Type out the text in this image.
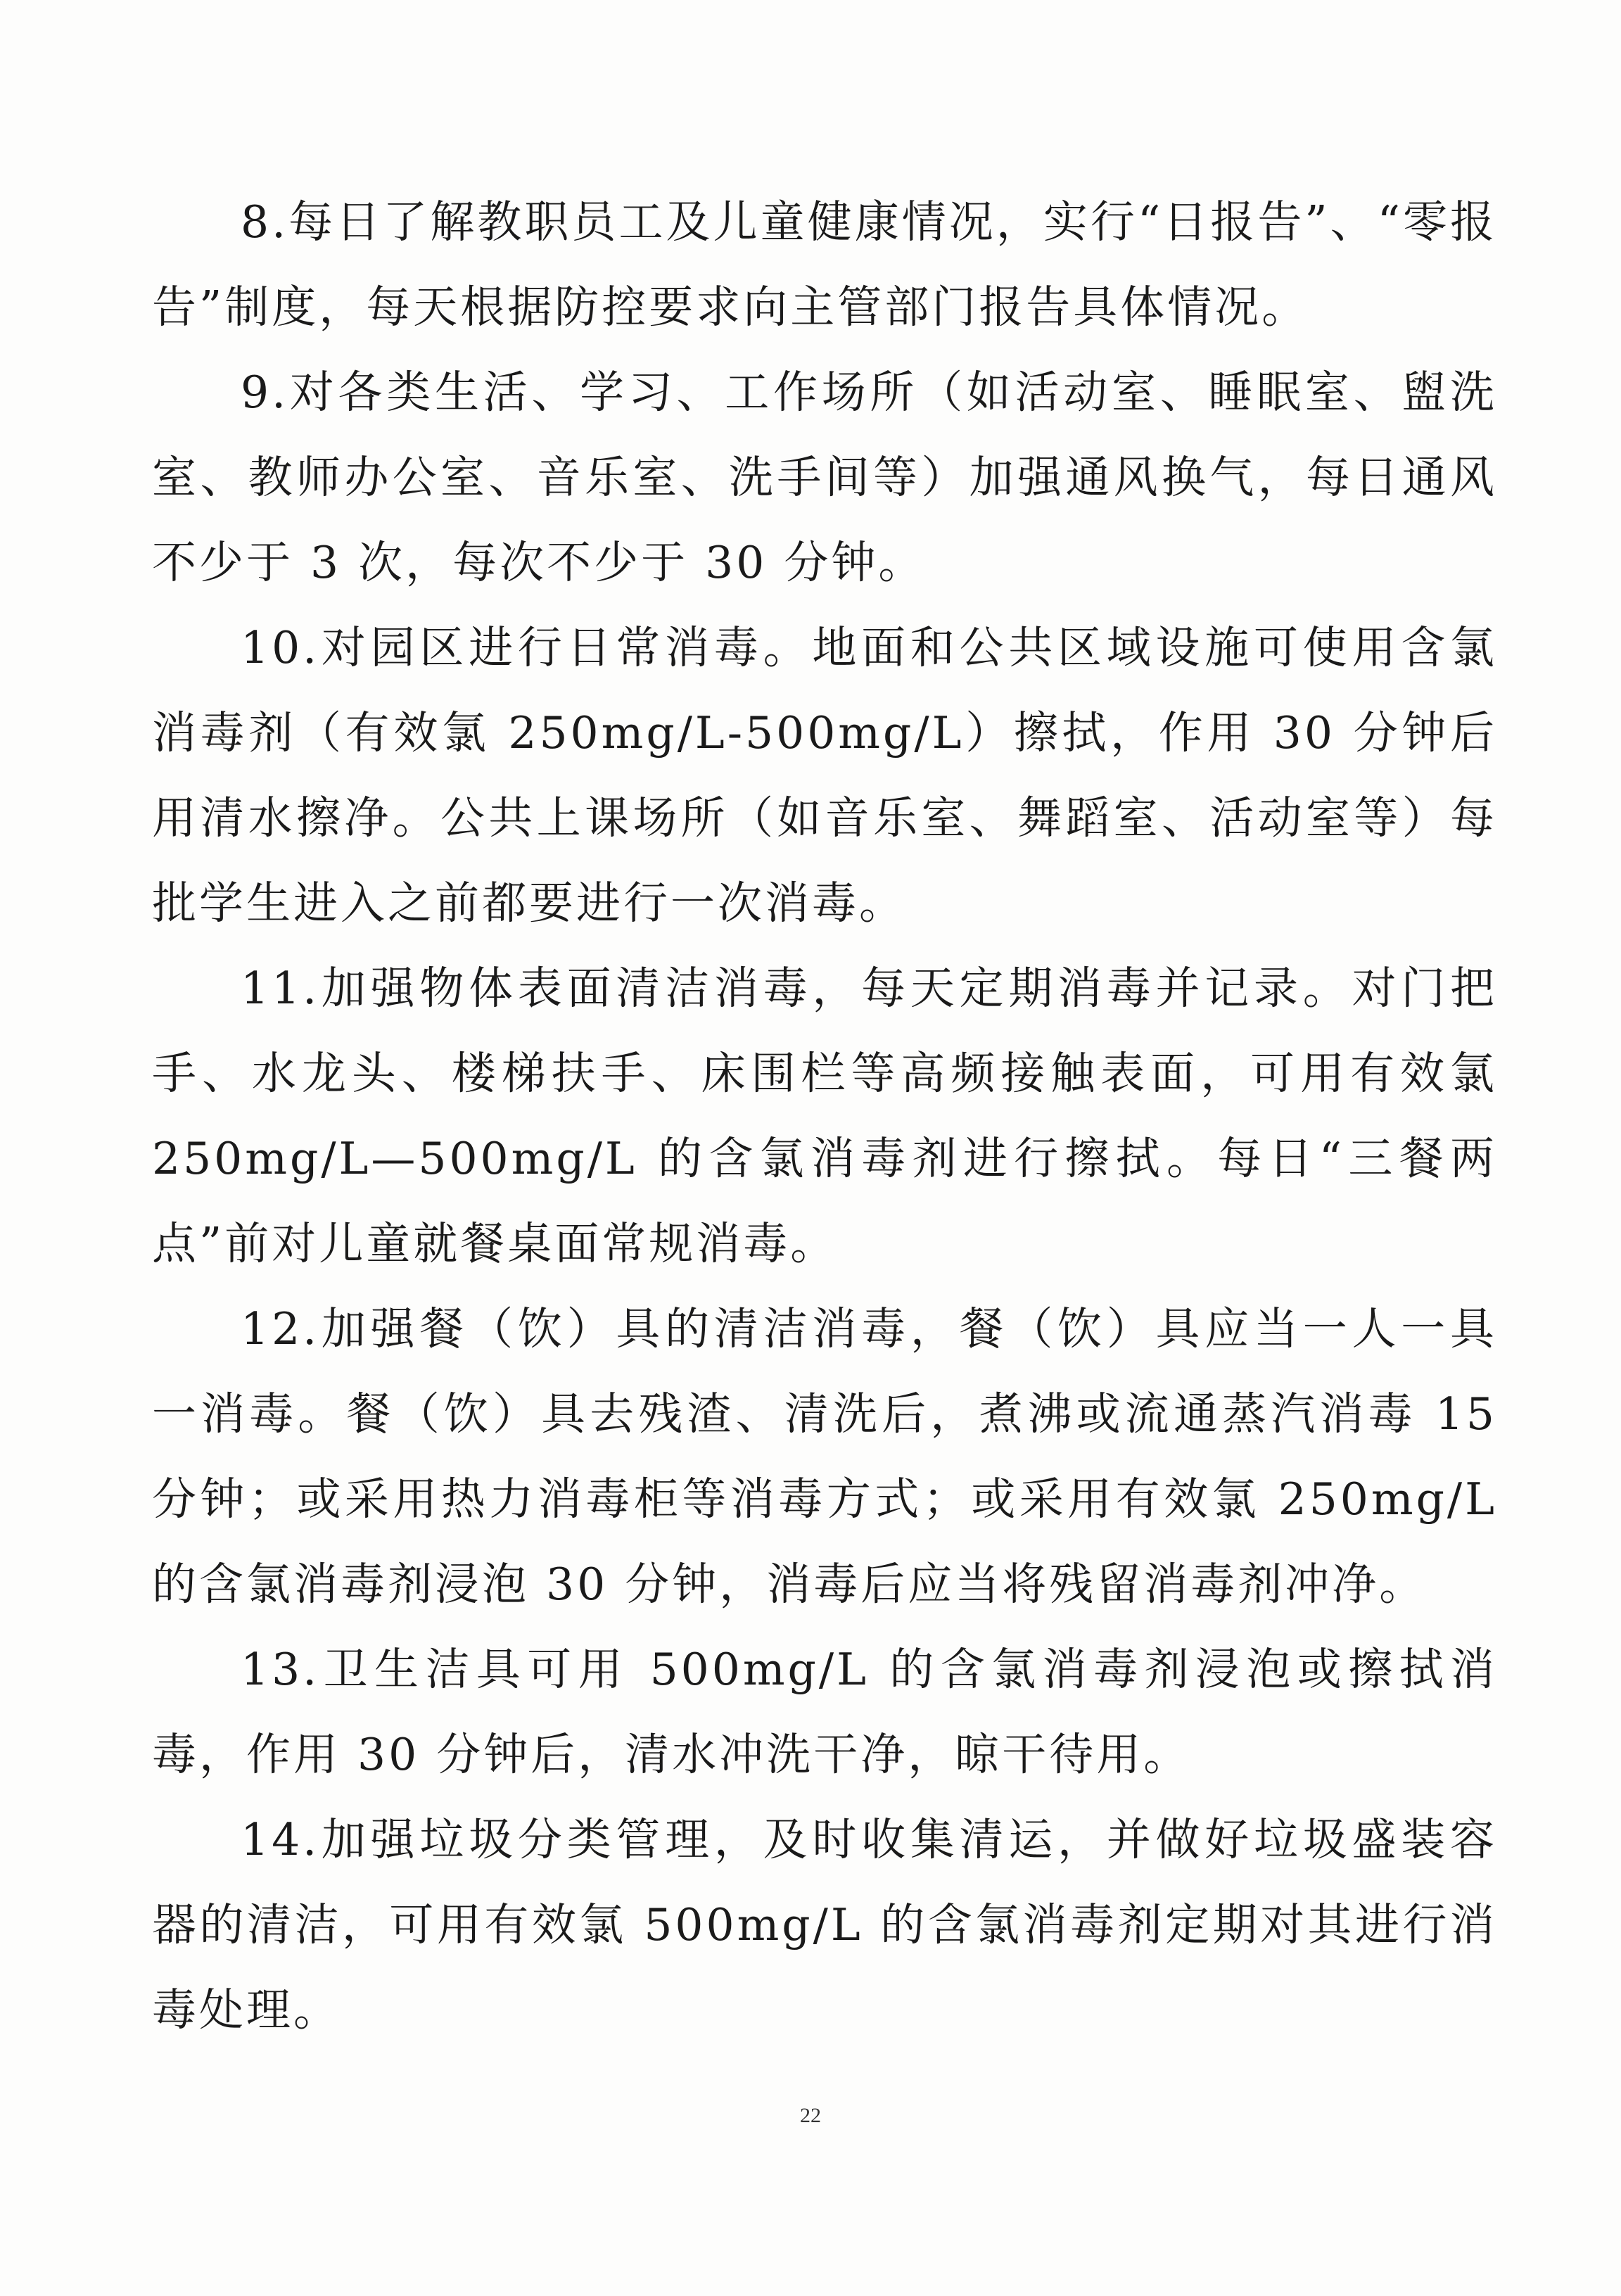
8.每日了解教职员工及儿童健康情况，实行“日报告”、“零报告”制度，每天根据防控要求向主管部门报告具体情况。

9.对各类生活、学习、工作场所（如活动室、睡眠室、盥洗室、教师办公室、音乐室、洗手间等）加强通风换气，每日通风不少于 3 次，每次不少于 30 分钟。

10.对园区进行日常消毒。地面和公共区域设施可使用含氯消毒剂（有效氯 250mg/L-500mg/L）擦拭，作用 30 分钟后用清水擦净。公共上课场所（如音乐室、舞蹈室、活动室等）每批学生进入之前都要进行一次消毒。

11.加强物体表面清洁消毒，每天定期消毒并记录。对门把手、水龙头、楼梯扶手、床围栏等高频接触表面，可用有效氯 250mg/L—500mg/L 的含氯消毒剂进行擦拭。每日“三餐两点”前对儿童就餐桌面常规消毒。

12.加强餐（饮）具的清洁消毒，餐（饮）具应当一人一具一消毒。餐（饮）具去残渣、清洗后，煮沸或流通蒸汽消毒 15 分钟；或采用热力消毒柜等消毒方式；或采用有效氯 250mg/L 的含氯消毒剂浸泡 30 分钟，消毒后应当将残留消毒剂冲净。

13.卫生洁具可用 500mg/L 的含氯消毒剂浸泡或擦拭消毒，作用 30 分钟后，清水冲洗干净，晾干待用。

14.加强垃圾分类管理，及时收集清运，并做好垃圾盛装容器的清洁，可用有效氯 500mg/L 的含氯消毒剂定期对其进行消毒处理。

22
